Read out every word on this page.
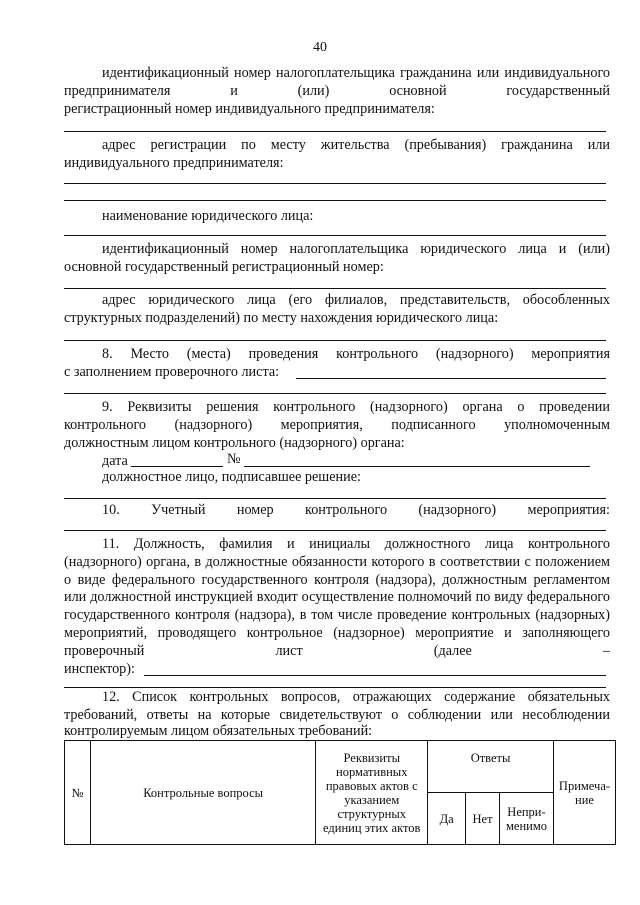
40
идентификационный номер налогоплательщика гражданина или индивидуального предпринимателя и (или) основной государственный
регистрационный номер индивидуального предпринимателя:
адрес регистрации по месту жительства (пребывания) гражданина или
индивидуального предпринимателя:
наименование юридического лица:
идентификационный номер налогоплательщика юридического лица и (или)
основной государственный регистрационный номер:
адрес юридического лица (его филиалов, представительств, обособленных
структурных подразделений) по месту нахождения юридического лица:
8. Место (места) проведения контрольного (надзорного) мероприятия
с заполнением проверочного листа:
9. Реквизиты решения контрольного (надзорного) органа о проведении контрольного (надзорного) мероприятия, подписанного уполномоченным
должностным лицом контрольного (надзорного) органа:
дата	№
должностное лицо, подписавшее решение:
10. Учетный номер контрольного (надзорного) мероприятия:
11. Должность, фамилия и инициалы должностного лица контрольного (надзорного) органа, в должностные обязанности которого в соответствии с положением о виде федерального государственного контроля (надзора), должностным регламентом или должностной инструкцией входит осуществление полномочий по виду федерального государственного контроля (надзора), в том числе проведение контрольных (надзорных) мероприятий, проводящего контрольное (надзорное) мероприятие и заполняющего проверочный лист (далее –
инспектор):
12. Список контрольных вопросов, отражающих содержание обязательных требований, ответы на которые свидетельствуют о соблюдении или несоблюдении
контролируемым лицом обязательных требований:
№	Контрольные вопросы	Реквизиты нормативных правовых актов с указанием структурных единиц этих актов	Ответы			Примеча-ние
			Да	Нет	Непри-менимо	
